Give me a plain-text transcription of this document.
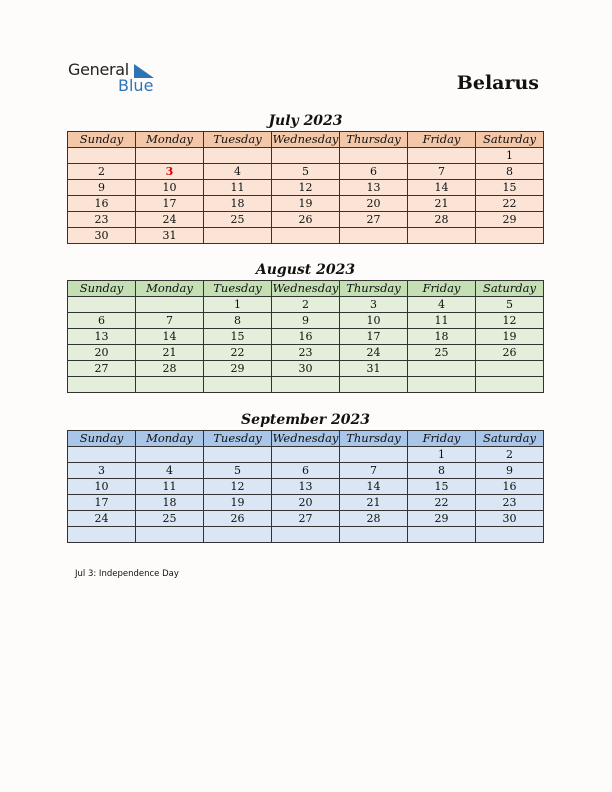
General
Blue	Belarus
July 2023
Sunday	Monday	Tuesday	Wednesday	Thursday	Friday	Saturday
						1
2	3	4	5	6	7	8
9	10	11	12	13	14	15
16	17	18	19	20	21	22
23	24	25	26	27	28	29
30	31					
August 2023
Sunday	Monday	Tuesday	Wednesday	Thursday	Friday	Saturday
		1	2	3	4	5
6	7	8	9	10	11	12
13	14	15	16	17	18	19
20	21	22	23	24	25	26
27	28	29	30	31		

September 2023
Sunday	Monday	Tuesday	Wednesday	Thursday	Friday	Saturday
					1	2
3	4	5	6	7	8	9
10	11	12	13	14	15	16
17	18	19	20	21	22	23
24	25	26	27	28	29	30

Jul 3: Independence Day
